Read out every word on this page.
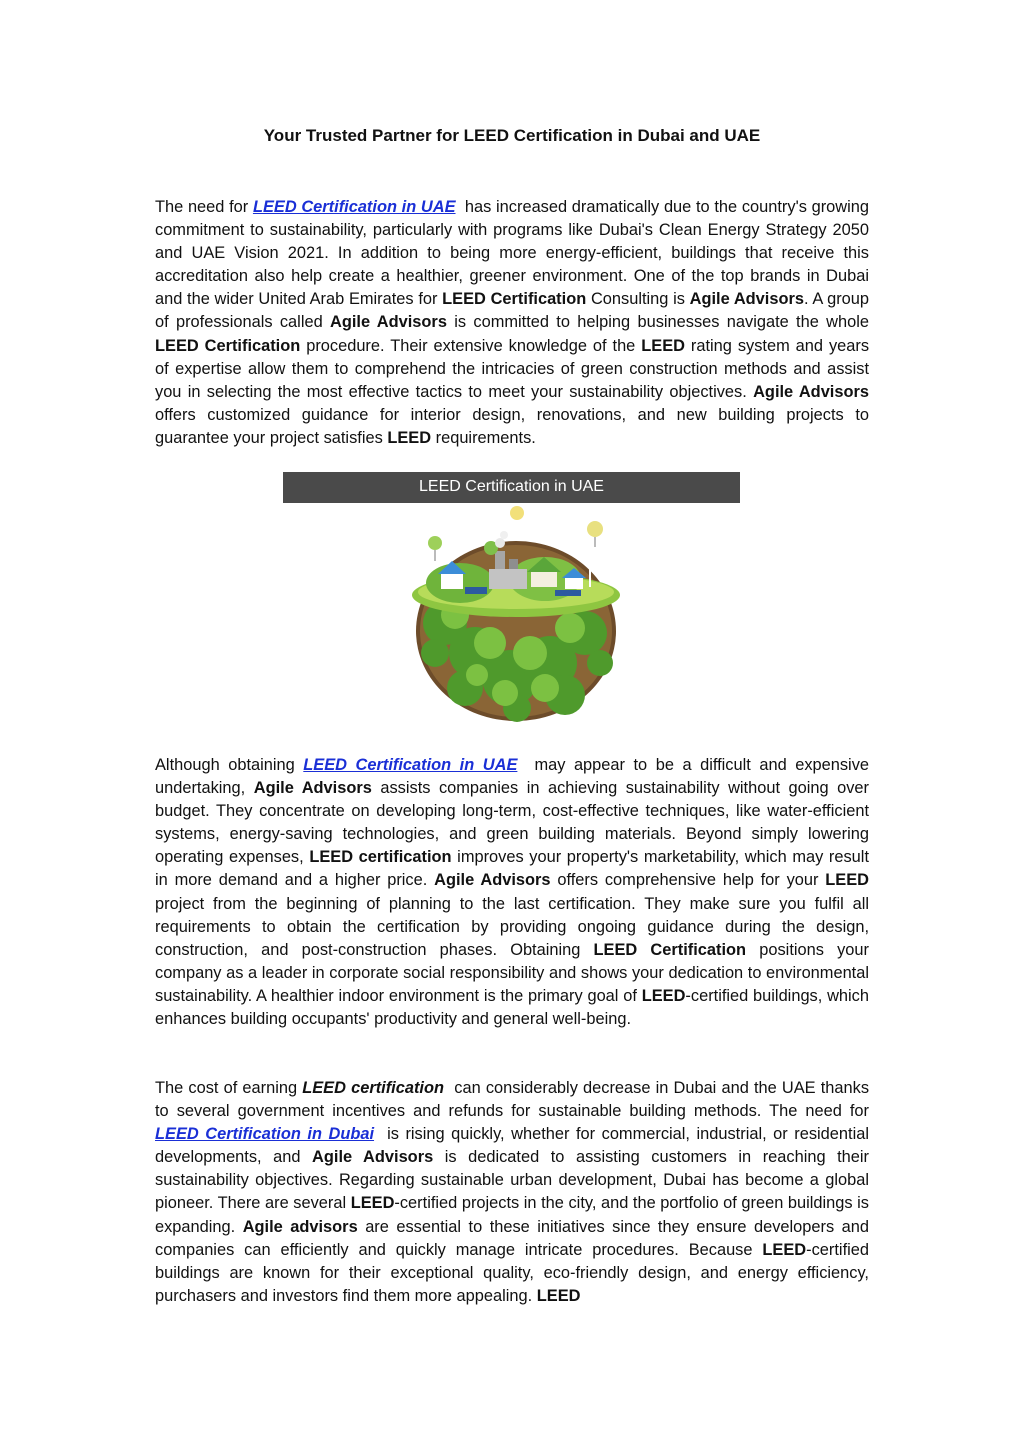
Your Trusted Partner for LEED Certification in Dubai and UAE

The need for LEED Certification in UAE has increased dramatically due to the country's growing commitment to sustainability, particularly with programs like Dubai's Clean Energy Strategy 2050 and UAE Vision 2021. In addition to being more energy-efficient, buildings that receive this accreditation also help create a healthier, greener environment. One of the top brands in Dubai and the wider United Arab Emirates for LEED Certification Consulting is Agile Advisors. A group of professionals called Agile Advisors is committed to helping businesses navigate the whole LEED Certification procedure. Their extensive knowledge of the LEED rating system and years of expertise allow them to comprehend the intricacies of green construction methods and assist you in selecting the most effective tactics to meet your sustainability objectives. Agile Advisors offers customized guidance for interior design, renovations, and new building projects to guarantee your project satisfies LEED requirements.

LEED Certification in UAE

Although obtaining LEED Certification in UAE may appear to be a difficult and expensive undertaking, Agile Advisors assists companies in achieving sustainability without going over budget. They concentrate on developing long-term, cost-effective techniques, like water-efficient systems, energy-saving technologies, and green building materials. Beyond simply lowering operating expenses, LEED certification improves your property's marketability, which may result in more demand and a higher price. Agile Advisors offers comprehensive help for your LEED project from the beginning of planning to the last certification. They make sure you fulfil all requirements to obtain the certification by providing ongoing guidance during the design, construction, and post-construction phases. Obtaining LEED Certification positions your company as a leader in corporate social responsibility and shows your dedication to environmental sustainability. A healthier indoor environment is the primary goal of LEED-certified buildings, which enhances building occupants' productivity and general well-being.

The cost of earning LEED certification can considerably decrease in Dubai and the UAE thanks to several government incentives and refunds for sustainable building methods. The need for LEED Certification in Dubai is rising quickly, whether for commercial, industrial, or residential developments, and Agile Advisors is dedicated to assisting customers in reaching their sustainability objectives. Regarding sustainable urban development, Dubai has become a global pioneer. There are several LEED-certified projects in the city, and the portfolio of green buildings is expanding. Agile advisors are essential to these initiatives since they ensure developers and companies can efficiently and quickly manage intricate procedures. Because LEED-certified buildings are known for their exceptional quality, eco-friendly design, and energy efficiency, purchasers and investors find them more appealing. LEED
